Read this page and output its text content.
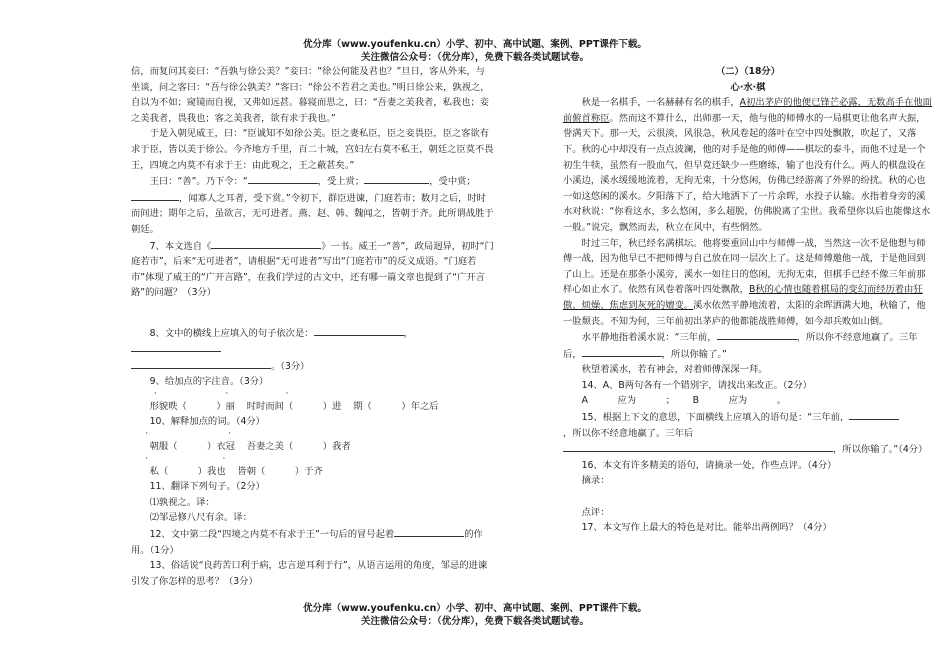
优分库（www.youfenku.cn）小学、初中、高中试题、案例、PPT课件下载。
关注微信公众号：（优分库），免费下载各类试题试卷。

信，而复问其妾曰：“吾孰与徐公美？”妾曰：“徐公何能及君也？”旦日，客从外来，与坐谈，问之客曰：“吾与徐公孰美？”客曰：“徐公不若君之美也。”明日徐公来，孰视之，自以为不如；窥镜而自视，又弗如远甚。暮寝而思之，曰：“吾妻之美我者，私我也；妾之美我者，畏我也；客之美我者，欲有求于我也。”

于是入朝见威王，曰：“臣诚知不如徐公美。臣之妻私臣，臣之妾畏臣，臣之客欲有求于臣，皆以美于徐公。今齐地方千里，百二十城，宫妇左右莫不私王，朝廷之臣莫不畏王，四境之内莫不有求于王：由此观之，王之蔽甚矣。”

王曰：“善”。乃下令：“	，受上赏；	，受中赏；，闻寡人之耳者，受下赏。”令初下，群臣进谏，门庭若市；数月之后，时时而间进；期年之后，虽欲言，无可进者。燕、赵、韩、魏闻之，皆朝于齐。此所谓战胜于朝廷。

7、本文选自《	》一书。威王一“善”，政局迥异，初时“门庭若市”，后来“无可进者”，请根据“无可进者”写出“门庭若市”的反义成语。“门庭若市”体现了威王的“广开言路”，在我们学过的古文中，还有哪一篇文章也提到了“广开言路”的问题？（3分）

8、文中的横线上应填入的句子依次是：	，

。（3分）

9、给加点的字注音。（3分）

·                        ·                    ·

形貌昳（          ）丽    时时而间（          ）进    期（          ）年之后

10、解释加点的词。（4分）

·                            ·

朝服（          ）衣冠    吾妻之美（          ）我者

·                          ·

私（          ）我也    皆朝（          ）于齐

11、翻译下列句子。（2分）

⑴孰视之。译：

⑵邹忌修八尺有余。译：

12、文中第二段“四境之内莫不有求于王”一句后的冒号起着	的作用。（1分）

13、俗话说“良药苦口利于病，忠言逆耳利于行”，从语言运用的角度，邹忌的进谏引发了你怎样的思考？（3分）

（二）（18分）

心·水·棋

秋是一名棋手，一名赫赫有名的棋手，A初出茅庐的他便已锋芒必露，无数高手在他面前俯首称臣。然而这不算什么，出师那一天，他与他的师傅水的一局棋更让他名声大振，誉满天下。那一天，云很淡，风很急，秋风卷起的落叶在空中四处飘散，吹起了，又落下。秋的心中却没有一点点波澜，他的对手是他的师傅——棋坛的泰斗，而他不过是一个初生牛犊，虽然有一股血气，但早竟还缺少一些磨练，输了也没有什么。两人的棋盘设在小溪边，溪水缓缓地流着，无拘无束，十分悠闲，仿佛已经游离了外界的纷扰。秋的心也一如这悠闲的溪水。夕阳落下了，给大地洒下了一片余晖，水投子认输。水指着身旁的溪水对秋说：“你看这水，多么悠闲，多么超脱，仿佛脱离了尘世。我希望你以后也能像这水一般。”说完，飘然而去，秋立在风中，有些惘然。

时过三年，秋已经名满棋坛。他将要重回山中与师傅一战，当然这一次不是他想与师傅一战，因为他早已不把师傅与自己放在同一层次上了。这是师傅邀他一战，于是他回到了山上。还是在那条小溪旁，溪水一如往日的悠闲，无拘无束，但棋手已经不像三年前那样心如止水了。依然有风卷着落叶四处飘散，B秋的心情也随着棋局的变幻而经历着由狂傲、烦燥、焦虑到灰死的嬗变。溪水依然平静地流着，太阳的余晖洒满大地，秋输了，他一脸颓丧。不知为何，三年前初出茅庐的他都能战胜师傅，如今却兵败如山倒。

水平静地指着溪水说：“三年前，	，所以你不经意地赢了。三年后，	，所以你输了。”

秋望着溪水，若有神会，对着师傅深深一拜。

14、A、B两句各有一个错别字，请找出来改正。（2分）

A          应为          ；      B          应为          。

15、根据上下文的意思，下面横线上应填入的语句是：“三年前，

，所以你不经意地赢了。三年后

，所以你输了。”（4分）

16、本文有许多精美的语句，请摘录一处，作些点评。（4分）

摘录：

点评：

17、本文写作上最大的特色是对比。能举出两例吗？（4分）

优分库（www.youfenku.cn）小学、初中、高中试题、案例、PPT课件下载。
关注微信公众号：（优分库），免费下载各类试题试卷。
